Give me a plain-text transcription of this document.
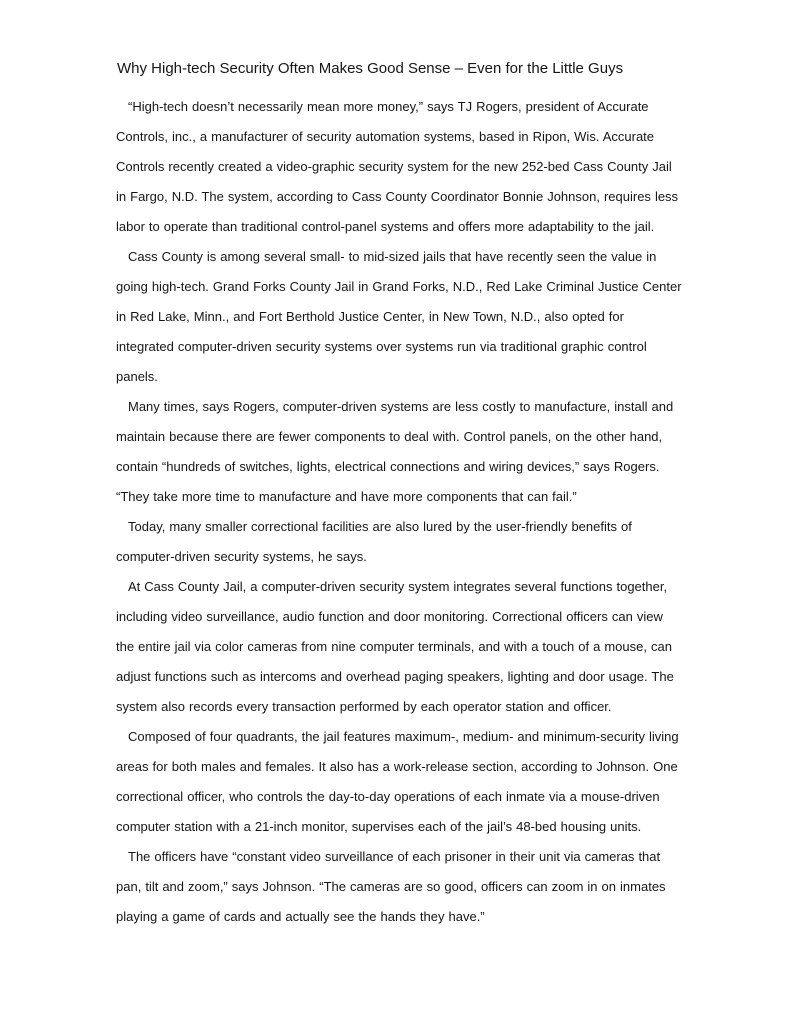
Why High-tech Security Often Makes Good Sense – Even for the Little Guys

“High-tech doesn’t necessarily mean more money,” says TJ Rogers, president of Accurate Controls, inc., a manufacturer of security automation systems, based in Ripon, Wis. Accurate Controls recently created a video-graphic security system for the new 252-bed Cass County Jail in Fargo, N.D. The system, according to Cass County Coordinator Bonnie Johnson, requires less labor to operate than traditional control-panel systems and offers more adaptability to the jail.

Cass County is among several small- to mid-sized jails that have recently seen the value in going high-tech. Grand Forks County Jail in Grand Forks, N.D., Red Lake Criminal Justice Center in Red Lake, Minn., and Fort Berthold Justice Center, in New Town, N.D., also opted for integrated computer-driven security systems over systems run via traditional graphic control panels.

Many times, says Rogers, computer-driven systems are less costly to manufacture, install and maintain because there are fewer components to deal with. Control panels, on the other hand, contain “hundreds of switches, lights, electrical connections and wiring devices,” says Rogers. “They take more time to manufacture and have more components that can fail.”

Today, many smaller correctional facilities are also lured by the user-friendly benefits of computer-driven security systems, he says.

At Cass County Jail, a computer-driven security system integrates several functions together, including video surveillance, audio function and door monitoring. Correctional officers can view the entire jail via color cameras from nine computer terminals, and with a touch of a mouse, can adjust functions such as intercoms and overhead paging speakers, lighting and door usage. The system also records every transaction performed by each operator station and officer.

Composed of four quadrants, the jail features maximum-, medium- and minimum-security living areas for both males and females. It also has a work-release section, according to Johnson. One correctional officer, who controls the day-to-day operations of each inmate via a mouse-driven computer station with a 21-inch monitor, supervises each of the jail’s 48-bed housing units.

The officers have “constant video surveillance of each prisoner in their unit via cameras that pan, tilt and zoom,” says Johnson. “The cameras are so good, officers can zoom in on inmates playing a game of cards and actually see the hands they have.”
